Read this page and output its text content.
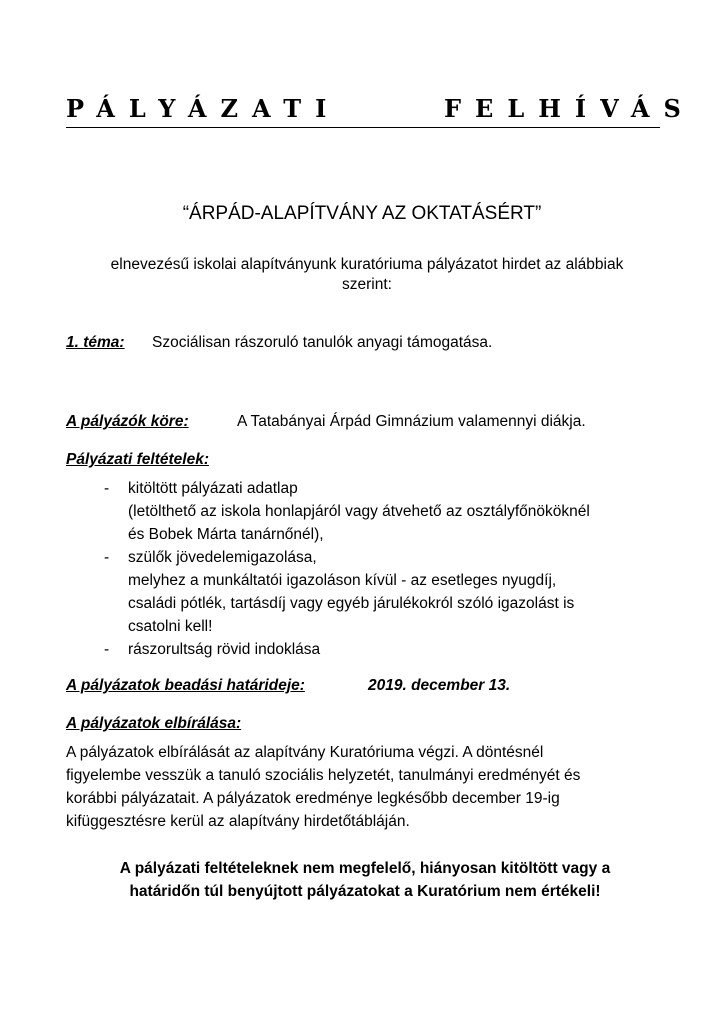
PÁLYÁZATI	FELHÍVÁS
“ÁRPÁD-ALAPÍTVÁNY AZ OKTATÁSÉRT”
elnevezésű iskolai alapítványunk kuratóriuma pályázatot hirdet az alábbiak
szerint:
1. téma: Szociálisan rászoruló tanulók anyagi támogatása.
A pályázók köre:	A Tatabányai Árpád Gimnázium valamennyi diákja.
Pályázati feltételek:
- kitöltött pályázati adatlap
(letölthető az iskola honlapjáról vagy átvehető az osztályfőnököknél
és Bobek Márta tanárnőnél),
- szülők jövedelemigazolása,
melyhez a munkáltatói igazoláson kívül - az esetleges nyugdíj,
családi pótlék, tartásdíj vagy egyéb járulékokról szóló igazolást is
csatolni kell!
- rászorultság rövid indoklása
A pályázatok beadási határideje:	2019. december 13.
A pályázatok elbírálása:
A pályázatok elbírálását az alapítvány Kuratóriuma végzi. A döntésnél
figyelembe vesszük a tanuló szociális helyzetét, tanulmányi eredményét és
korábbi pályázatait. A pályázatok eredménye legkésőbb december 19-ig
kifüggesztésre kerül az alapítvány hirdetőtábláján.
A pályázati feltételeknek nem megfelelő, hiányosan kitöltött vagy a
határidőn túl benyújtott pályázatokat a Kuratórium nem értékeli!
